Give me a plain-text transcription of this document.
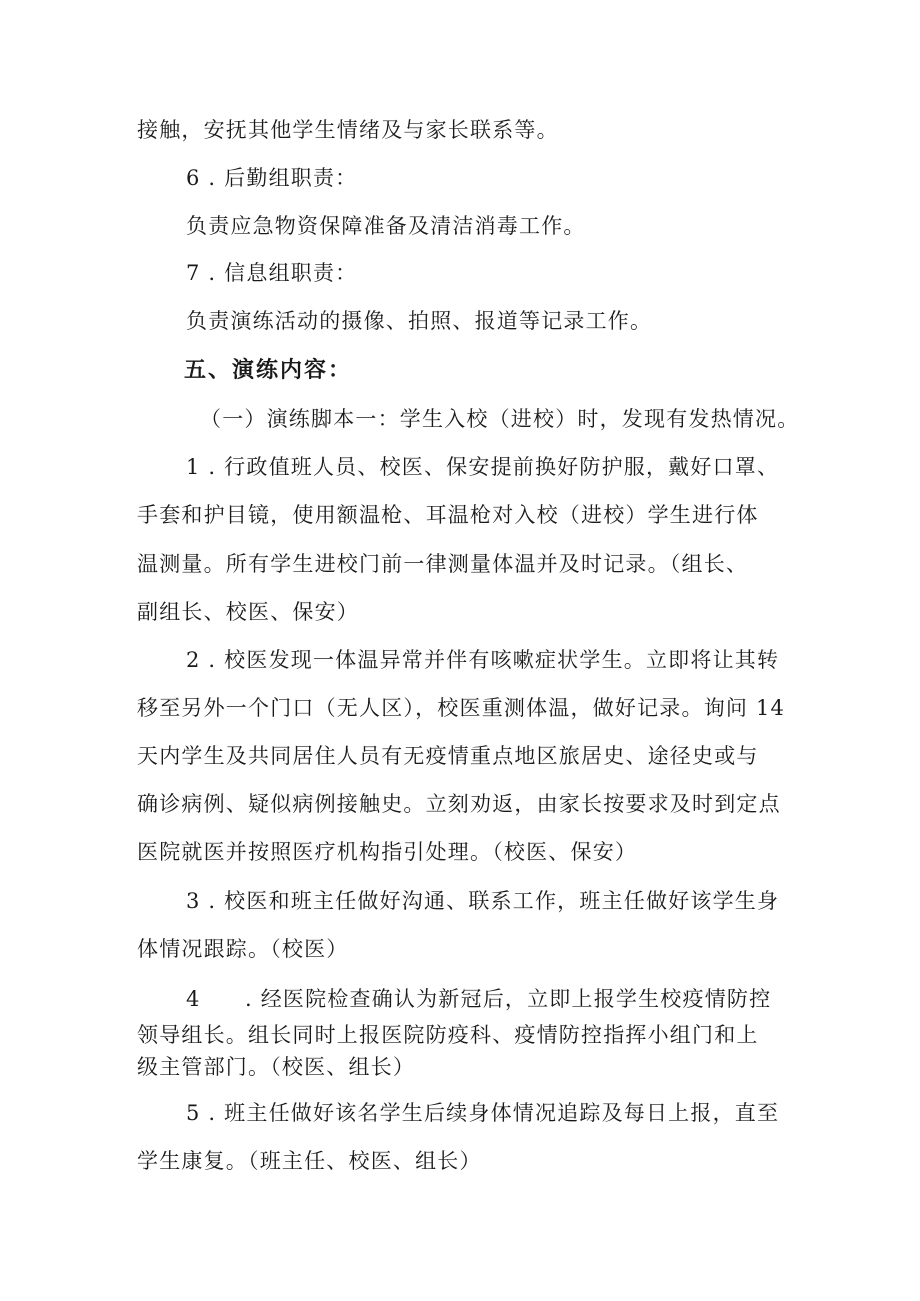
接触，安抚其他学生情绪及与家长联系等。
6 . 后勤组职责：
负责应急物资保障准备及清洁消毒工作。
7 . 信息组职责：
负责演练活动的摄像、拍照、报道等记录工作。
五、演练内容：
（一）演练脚本一：学生入校（进校）时，发现有发热情况。
1 . 行政值班人员、校医、保安提前换好防护服，戴好口罩、
手套和护目镜，使用额温枪、耳温枪对入校（进校）学生进行体
温测量。所有学生进校门前一律测量体温并及时记录。（组长、
副组长、校医、保安）
2 . 校医发现一体温异常并伴有咳嗽症状学生。立即将让其转
移至另外一个门口（无人区），校医重测体温，做好记录。询问 14
天内学生及共同居住人员有无疫情重点地区旅居史、途径史或与
确诊病例、疑似病例接触史。立刻劝返，由家长按要求及时到定点
医院就医并按照医疗机构指引处理。（校医、保安）
3 . 校医和班主任做好沟通、联系工作，班主任做好该学生身
体情况跟踪。（校医）
4　　. 经医院检查确认为新冠后，立即上报学生校疫情防控
领导组长。组长同时上报医院防疫科、疫情防控指挥小组门和上
级主管部门。（校医、组长）
5 . 班主任做好该名学生后续身体情况追踪及每日上报，直至
学生康复。（班主任、校医、组长）
